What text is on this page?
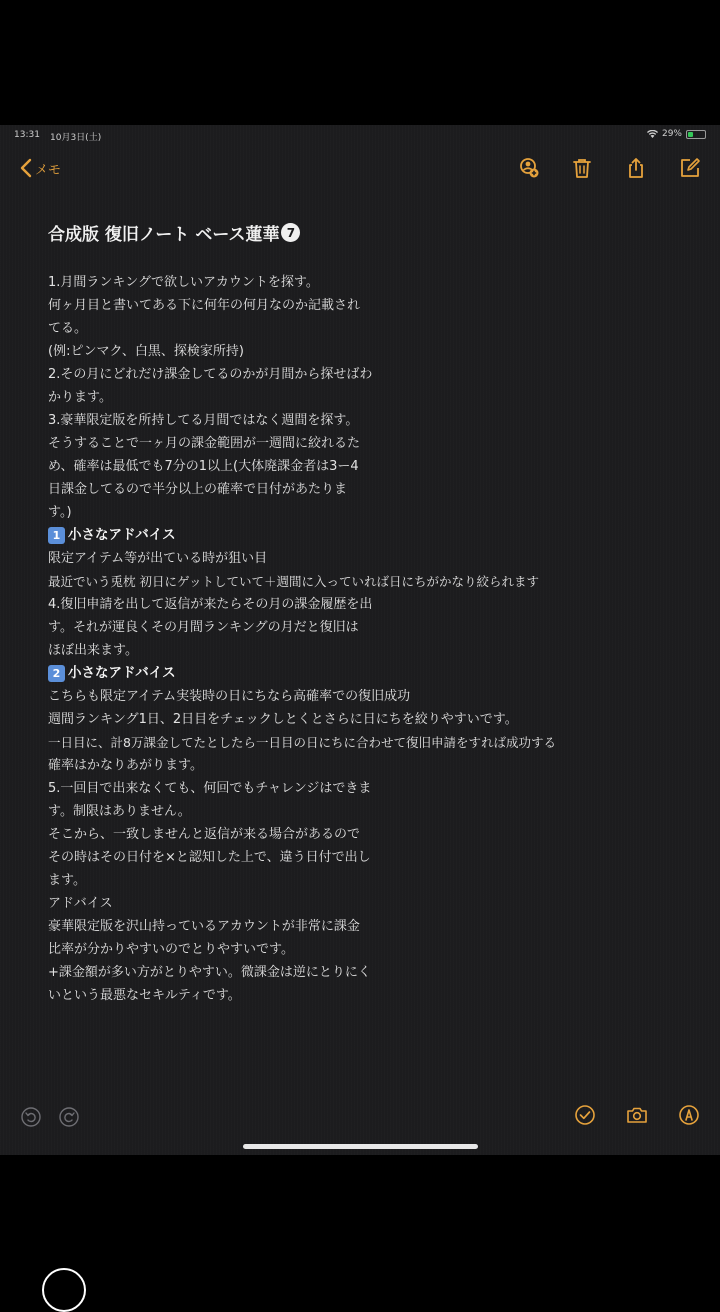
13:31 10月3日(土)	29%
メモ
合成版 復旧ノート ベース蓮華 7
1.月間ランキングで欲しいアカウントを探す。
何ヶ月目と書いてある下に何年の何月なのか記載され
てる。
(例:ピンマク、白黒、探検家所持)
2.その月にどれだけ課金してるのかが月間から探せばわ
かります。
3.豪華限定版を所持してる月間ではなく週間を探す。
そうすることで一ヶ月の課金範囲が一週間に絞れるた
め、確率は最低でも7分の1以上(大体廃課金者は3ー4
日課金してるので半分以上の確率で日付があたりま
す。)
1 小さなアドバイス
限定アイテム等が出ている時が狙い目
最近でいう兎枕 初日にゲットしていて＋週間に入っていれば日にちがかなり絞られます
4.復旧申請を出して返信が来たらその月の課金履歴を出
す。それが運良くその月間ランキングの月だと復旧は
ほぼ出来ます。
2 小さなアドバイス
こちらも限定アイテム実装時の日にちなら高確率での復旧成功
週間ランキング1日、2日目をチェックしとくとさらに日にちを絞りやすいです。
一日目に、計8万課金してたとしたら一日目の日にちに合わせて復旧申請をすれば成功する
確率はかなりあがります。
5.一回目で出来なくても、何回でもチャレンジはできま
す。制限はありません。
そこから、一致しませんと返信が来る場合があるので
その時はその日付を×と認知した上で、違う日付で出し
ます。
アドバイス
豪華限定版を沢山持っているアカウントが非常に課金
比率が分かりやすいのでとりやすいです。
+課金額が多い方がとりやすい。微課金は逆にとりにく
いという最悪なセキルティです。
